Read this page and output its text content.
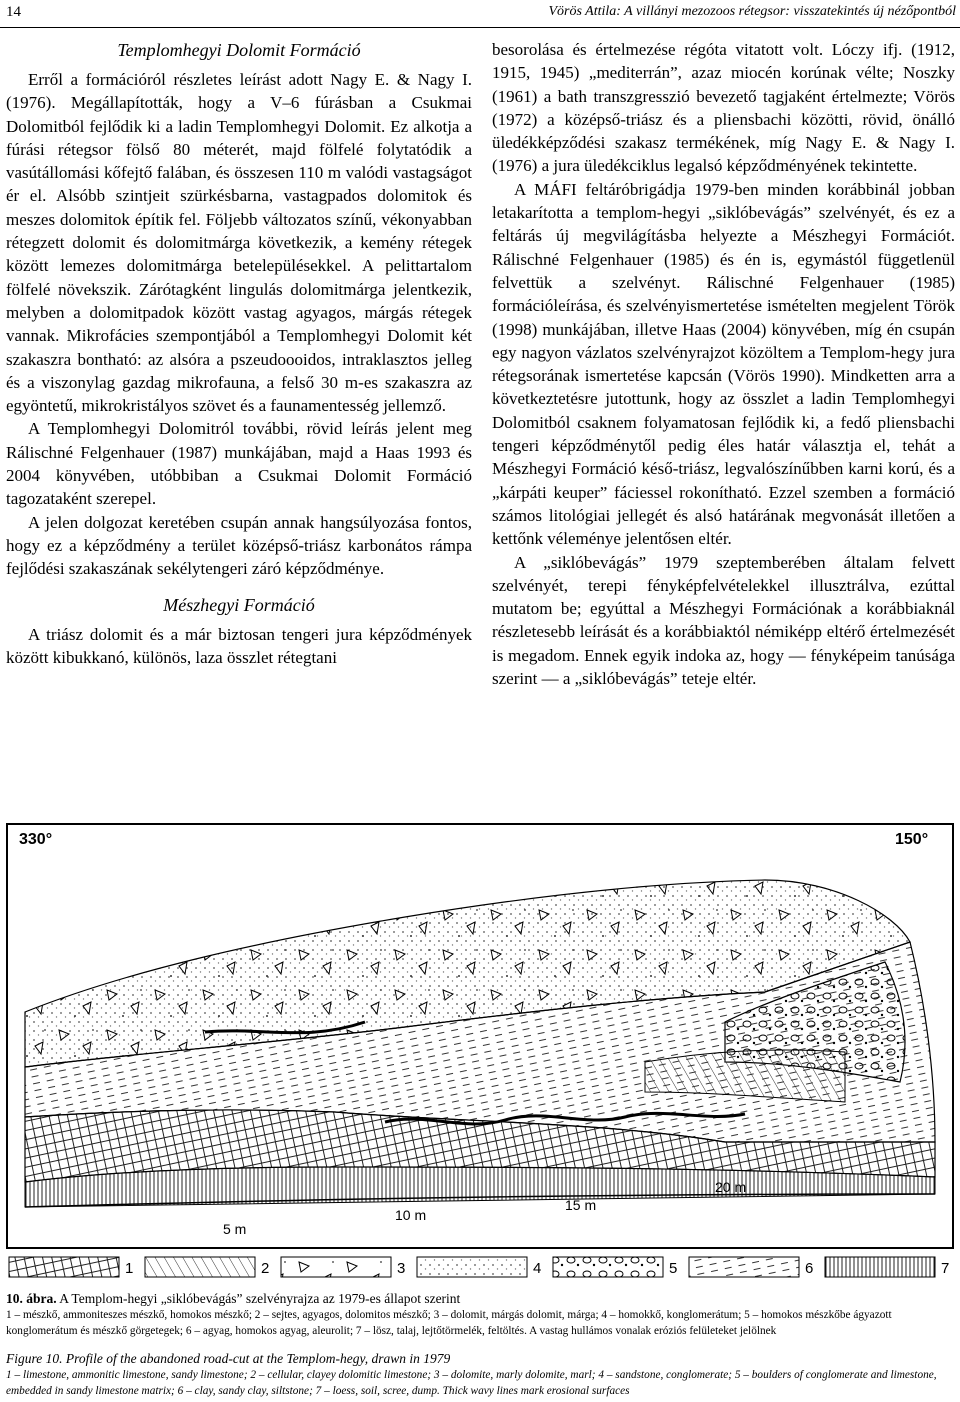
14	Vörös Attila: A villányi mezozoos rétegsor: visszatekintés új nézőpontból
Templomhegyi Dolomit Formáció

Erről a formációról részletes leírást adott Nagy E. & Nagy I. (1976). Megállapították, hogy a V–6 fúrásban a Csukmai Dolomitból fejlődik ki a ladin Templomhegyi Dolomit. Ez alkotja a fúrási rétegsor fölső 80 méterét, majd fölfelé folytatódik a vasútállomási kőfejtő falában, és összesen 110 m valódi vastagságot ér el. Alsóbb szintjeit szürkésbarna, vastagpados dolomitok és meszes dolomitok építik fel. Följebb változatos színű, vékonyabban rétegzett dolomit és dolomitmárga következik, a kemény rétegek között lemezes dolomitmárga betelepülésekkel. A pelittartalom fölfelé növekszik. Zárótagként lingulás dolomitmárga jelentkezik, melyben a dolomitpadok között vastag agyagos, márgás rétegek vannak. Mikrofácies szempontjából a Templomhegyi Dolomit két szakaszra bontható: az alsóra a pszeudoooidos, intraklasztos jelleg és a viszonylag gazdag mikrofauna, a felső 30 m-es szakaszra az egyöntetű, mikrokristályos szövet és a faunamentesség jellemző.

A Templomhegyi Dolomitról további, rövid leírás jelent meg Rálischné Felgenhauer (1987) munkájában, majd a Haas 1993 és 2004 könyvében, utóbbiban a Csukmai Dolomit Formáció tagozataként szerepel.

A jelen dolgozat keretében csupán annak hangsúlyozása fontos, hogy ez a képződmény a terület középső-triász karbonátos rámpa fejlődési szakaszának sekélytengeri záró képződménye.

Mészhegyi Formáció

A triász dolomit és a már biztosan tengeri jura képződmények között kibukkanó, különös, laza összlet rétegtani

besorolása és értelmezése régóta vitatott volt. Lóczy ifj. (1912, 1915, 1945) „mediterrán”, azaz miocén korúnak vélte; Noszky (1961) a bath transzgresszió bevezető tagjaként értelmezte; Vörös (1972) a középső-triász és a pliensbachi közötti, rövid, önálló üledékképződési szakasz termékének, míg Nagy E. & Nagy I. (1976) a jura üledékciklus legalsó képződményének tekintette.

A MÁFI feltáróbrigádja 1979-ben minden korábbinál jobban letakarította a templom-hegyi „siklóbevágás” szelvényét, és ez a feltárás új megvilágításba helyezte a Mészhegyi Formációt. Rálischné Felgenhauer (1985) és én is, egymástól függetlenül felvettük a szelvényt. Rálischné Felgenhauer (1985) formációleírása, és szelvényismertetése ismételten megjelent Török (1998) munkájában, illetve Haas (2004) könyvében, míg én csupán egy nagyon vázlatos szelvényrajzot közöltem a Templom-hegy jura rétegsorának ismertetése kapcsán (Vörös 1990). Mindketten arra a következtetésre jutottunk, hogy az összlet a ladin Templomhegyi Dolomitból csaknem folyamatosan fejlődik ki, a fedő pliensbachi tengeri képződménytől pedig éles határ választja el, tehát a Mészhegyi Formáció késő-triász, legvalószínűbben karni korú, és a „kárpáti keuper” fáciessel rokonítható. Ezzel szemben a formáció számos litológiai jellegét és alsó határának megvonását illetően a kettőnk véleménye jelentősen eltér.

A „siklóbevágás” 1979 szeptemberében általam felvett szelvényét, terepi fényképfelvételekkel illusztrálva, ezúttal mutatom be; egyúttal a Mészhegyi Formációnak a korábbiaknál részletesebb leírását és a korábbiaktól némiképp eltérő értelmezését is megadom. Ennek egyik indoka az, hogy — fényképeim tanúsága szerint — a „siklóbevágás” teteje eltér.

330°	150°
5 m
10 m
15 m
20 m
1	2	3	4	5	6	7
10. ábra. A Templom-hegyi „siklóbevágás” szelvényrajza az 1979-es állapot szerint
1 – mészkő, ammoniteszes mészkő, homokos mészkő; 2 – sejtes, agyagos, dolomitos mészkő; 3 – dolomit, márgás dolomit, márga; 4 – homokkő, konglomerátum; 5 – homokos mészkőbe ágyazott konglomerátum és mészkő görgetegek; 6 – agyag, homokos agyag, aleurolit; 7 – lösz, talaj, lejtőtörmelék, feltöltés. A vastag hullámos vonalak eróziós felületeket jelölnek
Figure 10. Profile of the abandoned road-cut at the Templom-hegy, drawn in 1979
1 – limestone, ammonitic limestone, sandy limestone; 2 – cellular, clayey dolomitic limestone; 3 – dolomite, marly dolomite, marl; 4 – sandstone, conglomerate; 5 – boulders of conglomerate and limestone, embedded in sandy limestone matrix; 6 – clay, sandy clay, siltstone; 7 – loess, soil, scree, dump. Thick wavy lines mark erosional surfaces
